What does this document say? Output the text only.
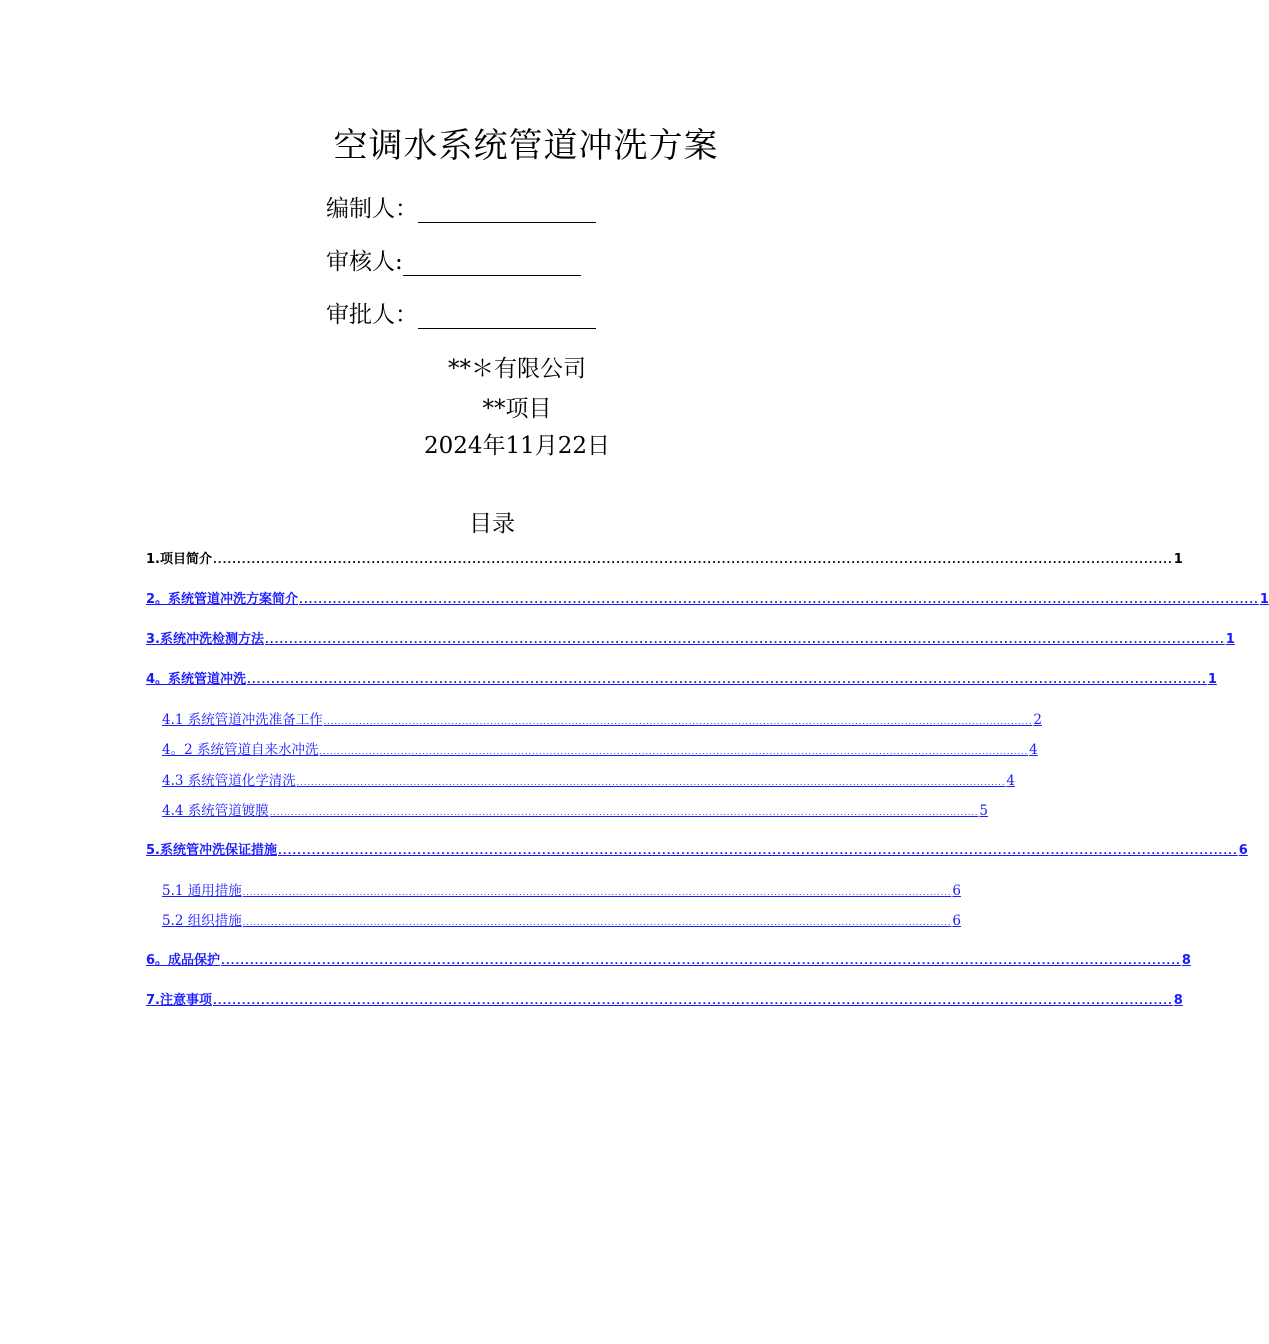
空调水系统管道冲洗方案
编制人：
审核人:
审批人：
**＊有限公司
**项目
2024年11月22日
目录
1.项目简介 ........................................................................................................................................................................................................ 1
2。系统管道冲洗方案简介 ........................................................................................................................................................................................................ 1
3.系统冲洗检测方法 ........................................................................................................................................................................................................ 1
4。系统管道冲洗 ........................................................................................................................................................................................................ 1
4.1 系统管道冲洗准备工作 ........................................................................................................................................................................................................ 2
4。2 系统管道自来水冲洗 ........................................................................................................................................................................................................ 4
4.3 系统管道化学清洗 ........................................................................................................................................................................................................ 4
4.4 系统管道镀膜 ........................................................................................................................................................................................................ 5
5.系统管冲洗保证措施 ........................................................................................................................................................................................................ 6
5.1 通用措施 ........................................................................................................................................................................................................ 6
5.2 组织措施 ........................................................................................................................................................................................................ 6
6。成品保护 ........................................................................................................................................................................................................ 8
7.注意事项 ........................................................................................................................................................................................................ 8
